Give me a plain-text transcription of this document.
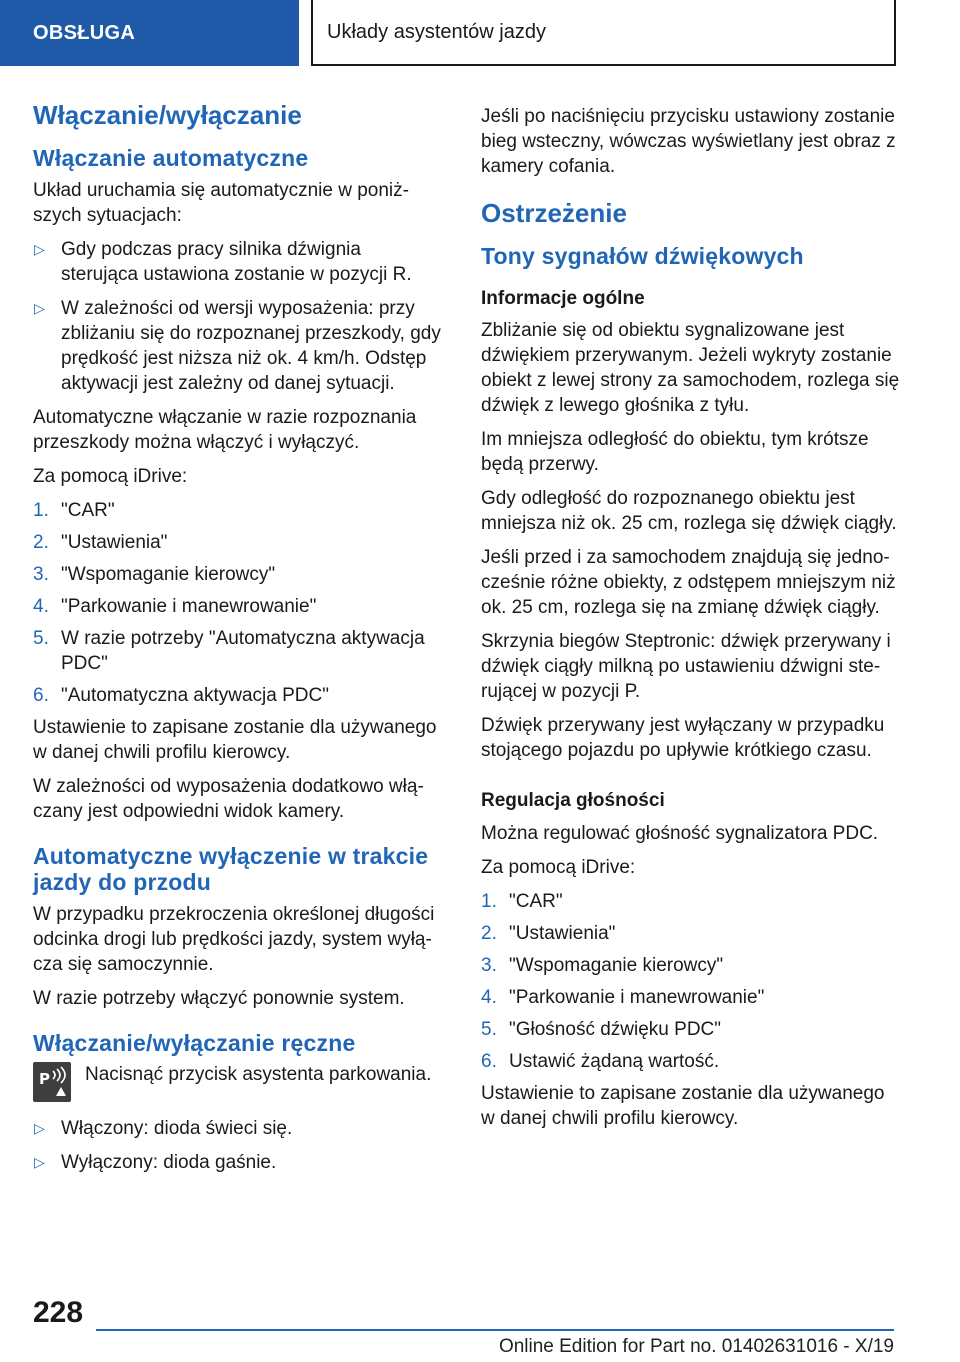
OBSŁUGA	Układy asystentów jazdy
Włączanie/wyłączanie
Włączanie automatyczne

Układ uruchamia się automatycznie w poniższych sytuacjach:

▷ Gdy podczas pracy silnika dźwignia sterująca ustawiona zostanie w pozycji R.
▷ W zależności od wersji wyposażenia: przy zbliżaniu się do rozpoznanej przeszkody, gdy prędkość jest niższa niż ok. 4 km/h. Odstęp aktywacji jest zależny od danej sytuacji.

Automatyczne włączanie w razie rozpoznania przeszkody można włączyć i wyłączyć.

Za pomocą iDrive:

1. "CAR"
2. "Ustawienia"
3. "Wspomaganie kierowcy"
4. "Parkowanie i manewrowanie"
5. W razie potrzeby "Automatyczna aktywacja PDC"
6. "Automatyczna aktywacja PDC"

Ustawienie to zapisane zostanie dla używanego w danej chwili profilu kierowcy.

W zależności od wyposażenia dodatkowo włączany jest odpowiedni widok kamery.

Automatyczne wyłączenie w trakcie jazdy do przodu

W przypadku przekroczenia określonej długości odcinka drogi lub prędkości jazdy, system wyłącza się samoczynnie.

W razie potrzeby włączyć ponownie system.

Włączanie/wyłączanie ręczne
P Nacisnąć przycisk asystenta parkowania.

▷ Włączony: dioda świeci się.
▷ Wyłączony: dioda gaśnie.

Jeśli po naciśnięciu przycisku ustawiony zostanie bieg wsteczny, wówczas wyświetlany jest obraz z kamery cofania.

Ostrzeżenie
Tony sygnałów dźwiękowych
Informacje ogólne

Zbliżanie się od obiektu sygnalizowane jest dźwiękiem przerywanym. Jeżeli wykryty zostanie obiekt z lewej strony za samochodem, rozlega się dźwięk z lewego głośnika z tyłu.

Im mniejsza odległość do obiektu, tym krótsze będą przerwy.

Gdy odległość do rozpoznanego obiektu jest mniejsza niż ok. 25 cm, rozlega się dźwięk ciągły.

Jeśli przed i za samochodem znajdują się jednocześnie różne obiekty, z odstępem mniejszym niż ok. 25 cm, rozlega się na zmianę dźwięk ciągły.

Skrzynia biegów Steptronic: dźwięk przerywany i dźwięk ciągły milkną po ustawieniu dźwigni sterującej w pozycji P.

Dźwięk przerywany jest wyłączany w przypadku stojącego pojazdu po upływie krótkiego czasu.

Regulacja głośności

Można regulować głośność sygnalizatora PDC.

Za pomocą iDrive:

1. "CAR"
2. "Ustawienia"
3. "Wspomaganie kierowcy"
4. "Parkowanie i manewrowanie"
5. "Głośność dźwięku PDC"
6. Ustawić żądaną wartość.

Ustawienie to zapisane zostanie dla używanego w danej chwili profilu kierowcy.

228
Online Edition for Part no. 01402631016 - X/19
